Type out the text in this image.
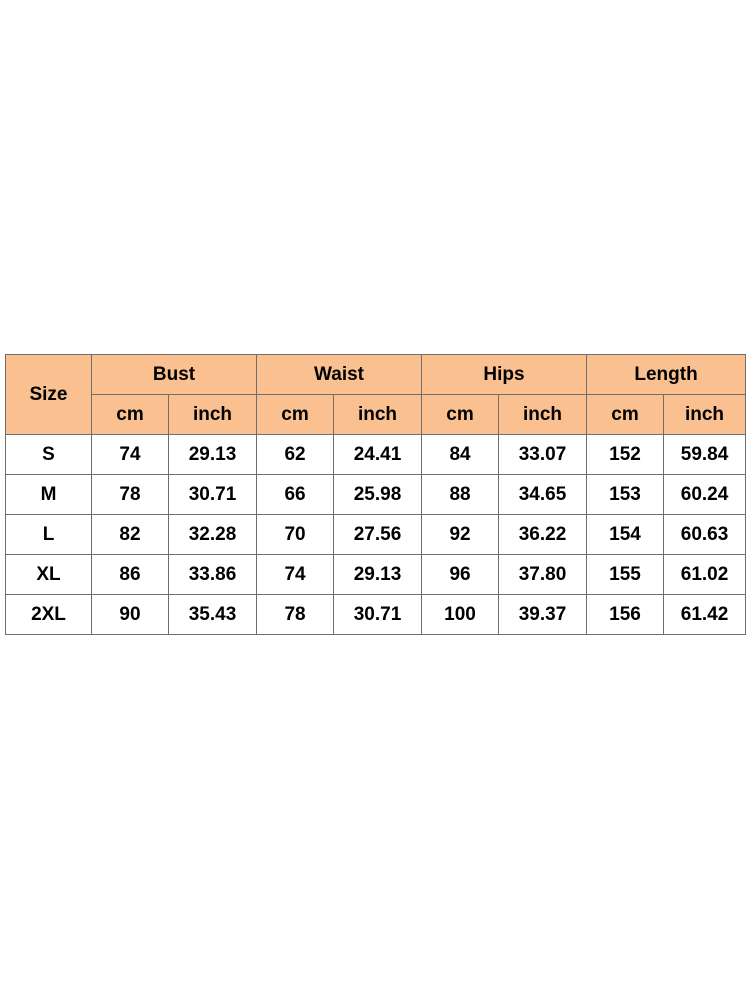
Size	Bust		Waist		Hips		Length	
	cm	inch	cm	inch	cm	inch	cm	inch
S	74	29.13	62	24.41	84	33.07	152	59.84
M	78	30.71	66	25.98	88	34.65	153	60.24
L	82	32.28	70	27.56	92	36.22	154	60.63
XL	86	33.86	74	29.13	96	37.80	155	61.02
2XL	90	35.43	78	30.71	100	39.37	156	61.42
